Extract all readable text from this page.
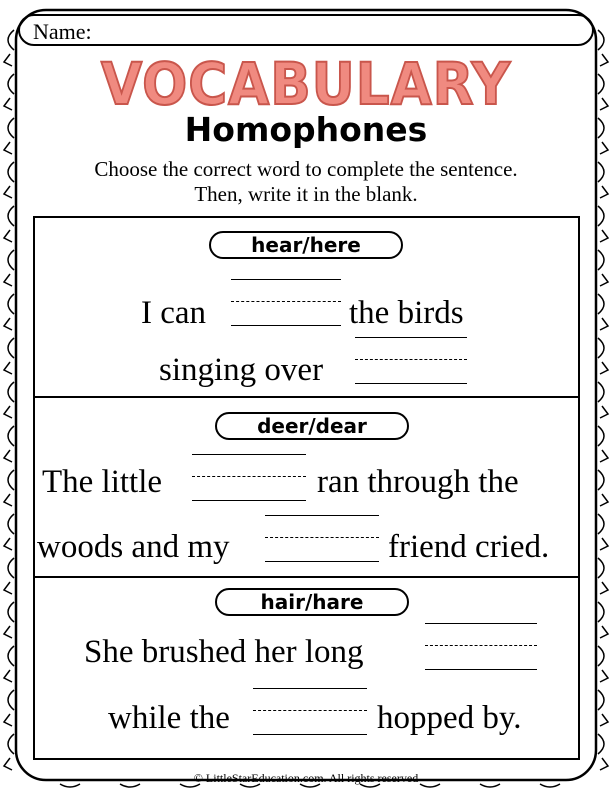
Name:
VOCABULARY
Homophones
Choose the correct word to complete the sentence.
Then, write it in the blank.
hear/here
I can	the birds
singing over
deer/dear
The little	ran through the
woods and my	friend cried.
hair/hare
She brushed her long
while the	hopped by.
© LittleStarEducation.com. All rights reserved
